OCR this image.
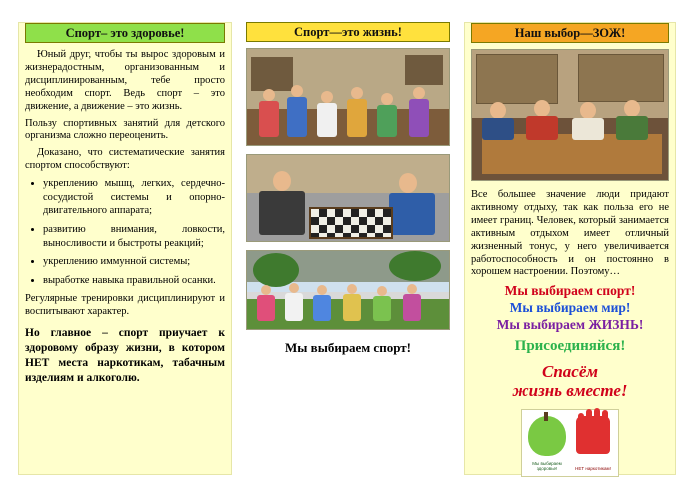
Спорт– это здоровье!

Юный друг, чтобы ты вырос здоровым и жизнерадостным, организованным и дисциплинированным, тебе просто необходим спорт. Ведь спорт – это движение, а движение – это жизнь.

Пользу спортивных занятий для детского организма сложно переоценить.

Доказано, что систематические занятия спортом способствуют:

• укреплению мышц, легких, сердечно-сосудистой системы и опорно-двигательного аппарата;
• развитию внимания, ловкости, выносливости и быстроты реакций;
• укреплению иммунной системы;
• выработке навыка правильной осанки.

Регулярные тренировки дисциплинируют и воспитывают характер.

Но главное – спорт приучает к здоровому образу жизни, в котором НЕТ места наркотикам, табачным изделиям и алкоголю.

Спорт—это жизнь!
Мы выбираем спорт!
Наш выбор—ЗОЖ!

Все большее значение люди придают активному отдыху, так как польза его не имеет границ. Человек, который занимается активным отдыхом имеет отличный жизненный тонус, у него увеличивается работоспособность и он постоянно в хорошем настроении. Поэтому…

Мы выбираем спорт!

Мы выбираем мир!

Мы выбираем ЖИЗНЬ!

Присоединяйся!

Спасём

жизнь вместе!

Мы выбираем здоровье!	НЕТ наркотикам!
